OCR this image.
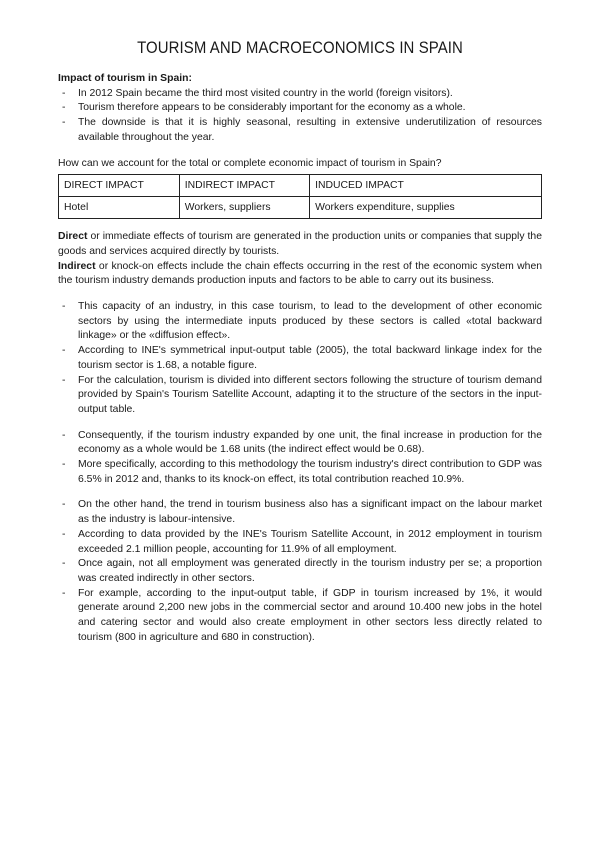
TOURISM AND MACROECONOMICS IN SPAIN
Impact of tourism in Spain:
- In 2012 Spain became the third most visited country in the world (foreign visitors).
- Tourism therefore appears to be considerably important for the economy as a whole.
- The downside is that it is highly seasonal, resulting in extensive underutilization of resources available throughout the year.
How can we account for the total or complete economic impact of tourism in Spain?
DIRECT IMPACT	INDIRECT IMPACT	INDUCED IMPACT
Hotel	Workers, suppliers	Workers expenditure, supplies
Direct or immediate effects of tourism are generated in the production units or companies that supply the goods and services acquired directly by tourists.
Indirect or knock-on effects include the chain effects occurring in the rest of the economic system when the tourism industry demands production inputs and factors to be able to carry out its business.
- This capacity of an industry, in this case tourism, to lead to the development of other economic sectors by using the intermediate inputs produced by these sectors is called «total backward linkage» or the «diffusion effect».
- According to INE's symmetrical input-output table (2005), the total backward linkage index for the tourism sector is 1.68, a notable figure.
- For the calculation, tourism is divided into different sectors following the structure of tourism demand provided by Spain's Tourism Satellite Account, adapting it to the structure of the sectors in the input-output table.
- Consequently, if the tourism industry expanded by one unit, the final increase in production for the economy as a whole would be 1.68 units (the indirect effect would be 0.68).
- More specifically, according to this methodology the tourism industry's direct contribution to GDP was 6.5% in 2012 and, thanks to its knock-on effect, its total contribution reached 10.9%.
- On the other hand, the trend in tourism business also has a significant impact on the labour market as the industry is labour-intensive.
- According to data provided by the INE's Tourism Satellite Account, in 2012 employment in tourism exceeded 2.1 million people, accounting for 11.9% of all employment.
- Once again, not all employment was generated directly in the tourism industry per se; a proportion was created indirectly in other sectors.
- For example, according to the input-output table, if GDP in tourism increased by 1%, it would generate around 2,200 new jobs in the commercial sector and around 10.400 new jobs in the hotel and catering sector and would also create employment in other sectors less directly related to tourism (800 in agriculture and 680 in construction).
